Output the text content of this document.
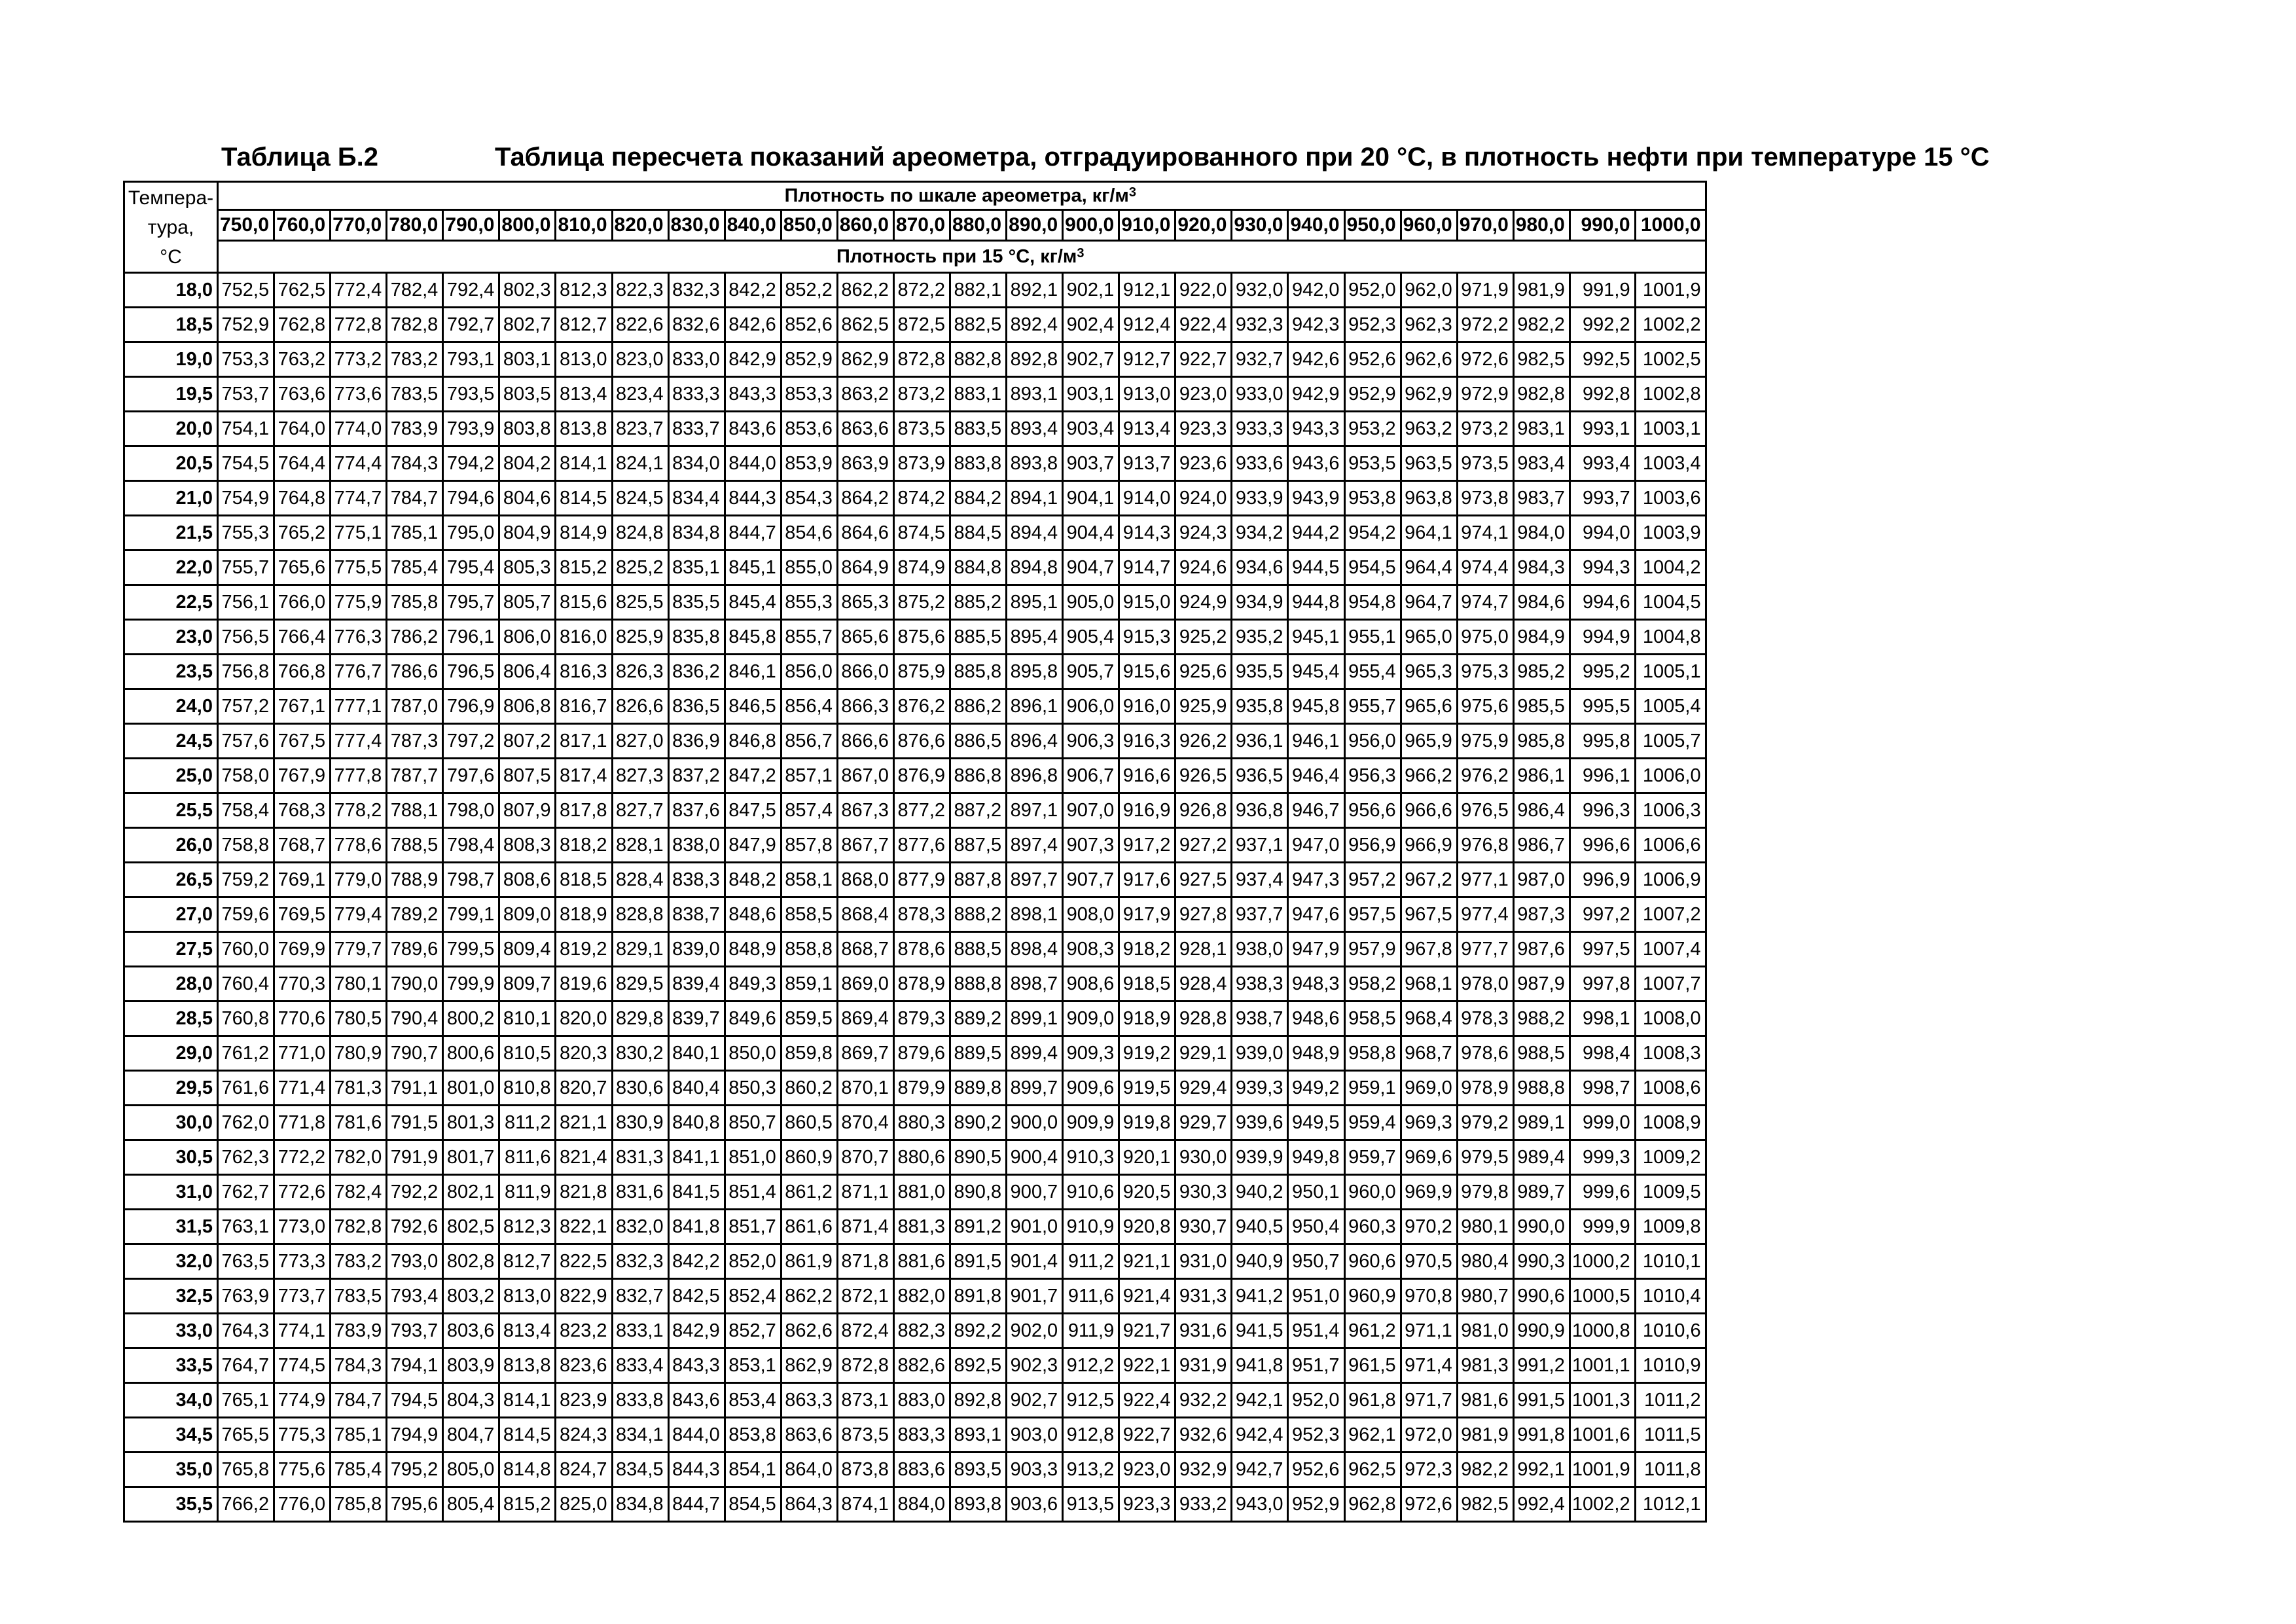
Таблица Б.2	Таблица пересчета показаний ареометра, отградуированного при 20 °С, в плотность нефти при температуре 15 °С
Темпера-
тура,
°С	Плотность по шкале ареометра, $кг/м^3$
	750,0	760,0	770,0	780,0	790,0	800,0	810,0	820,0	830,0	840,0	850,0	860,0	870,0	880,0	890,0	900,0	910,0	920,0	930,0	940,0	950,0	960,0	970,0	980,0	990,0	1000,0
	Плотность при 15 °С, $кг/м^3$
18,0	752,5	762,5	772,4	782,4	792,4	802,3	812,3	822,3	832,3	842,2	852,2	862,2	872,2	882,1	892,1	902,1	912,1	922,0	932,0	942,0	952,0	962,0	971,9	981,9	991,9	1001,9
18,5	752,9	762,8	772,8	782,8	792,7	802,7	812,7	822,6	832,6	842,6	852,6	862,5	872,5	882,5	892,4	902,4	912,4	922,4	932,3	942,3	952,3	962,3	972,2	982,2	992,2	1002,2
19,0	753,3	763,2	773,2	783,2	793,1	803,1	813,0	823,0	833,0	842,9	852,9	862,9	872,8	882,8	892,8	902,7	912,7	922,7	932,7	942,6	952,6	962,6	972,6	982,5	992,5	1002,5
19,5	753,7	763,6	773,6	783,5	793,5	803,5	813,4	823,4	833,3	843,3	853,3	863,2	873,2	883,1	893,1	903,1	913,0	923,0	933,0	942,9	952,9	962,9	972,9	982,8	992,8	1002,8
20,0	754,1	764,0	774,0	783,9	793,9	803,8	813,8	823,7	833,7	843,6	853,6	863,6	873,5	883,5	893,4	903,4	913,4	923,3	933,3	943,3	953,2	963,2	973,2	983,1	993,1	1003,1
20,5	754,5	764,4	774,4	784,3	794,2	804,2	814,1	824,1	834,0	844,0	853,9	863,9	873,9	883,8	893,8	903,7	913,7	923,6	933,6	943,6	953,5	963,5	973,5	983,4	993,4	1003,4
21,0	754,9	764,8	774,7	784,7	794,6	804,6	814,5	824,5	834,4	844,3	854,3	864,2	874,2	884,2	894,1	904,1	914,0	924,0	933,9	943,9	953,8	963,8	973,8	983,7	993,7	1003,6
21,5	755,3	765,2	775,1	785,1	795,0	804,9	814,9	824,8	834,8	844,7	854,6	864,6	874,5	884,5	894,4	904,4	914,3	924,3	934,2	944,2	954,2	964,1	974,1	984,0	994,0	1003,9
22,0	755,7	765,6	775,5	785,4	795,4	805,3	815,2	825,2	835,1	845,1	855,0	864,9	874,9	884,8	894,8	904,7	914,7	924,6	934,6	944,5	954,5	964,4	974,4	984,3	994,3	1004,2
22,5	756,1	766,0	775,9	785,8	795,7	805,7	815,6	825,5	835,5	845,4	855,3	865,3	875,2	885,2	895,1	905,0	915,0	924,9	934,9	944,8	954,8	964,7	974,7	984,6	994,6	1004,5
23,0	756,5	766,4	776,3	786,2	796,1	806,0	816,0	825,9	835,8	845,8	855,7	865,6	875,6	885,5	895,4	905,4	915,3	925,2	935,2	945,1	955,1	965,0	975,0	984,9	994,9	1004,8
23,5	756,8	766,8	776,7	786,6	796,5	806,4	816,3	826,3	836,2	846,1	856,0	866,0	875,9	885,8	895,8	905,7	915,6	925,6	935,5	945,4	955,4	965,3	975,3	985,2	995,2	1005,1
24,0	757,2	767,1	777,1	787,0	796,9	806,8	816,7	826,6	836,5	846,5	856,4	866,3	876,2	886,2	896,1	906,0	916,0	925,9	935,8	945,8	955,7	965,6	975,6	985,5	995,5	1005,4
24,5	757,6	767,5	777,4	787,3	797,2	807,2	817,1	827,0	836,9	846,8	856,7	866,6	876,6	886,5	896,4	906,3	916,3	926,2	936,1	946,1	956,0	965,9	975,9	985,8	995,8	1005,7
25,0	758,0	767,9	777,8	787,7	797,6	807,5	817,4	827,3	837,2	847,2	857,1	867,0	876,9	886,8	896,8	906,7	916,6	926,5	936,5	946,4	956,3	966,2	976,2	986,1	996,1	1006,0
25,5	758,4	768,3	778,2	788,1	798,0	807,9	817,8	827,7	837,6	847,5	857,4	867,3	877,2	887,2	897,1	907,0	916,9	926,8	936,8	946,7	956,6	966,6	976,5	986,4	996,3	1006,3
26,0	758,8	768,7	778,6	788,5	798,4	808,3	818,2	828,1	838,0	847,9	857,8	867,7	877,6	887,5	897,4	907,3	917,2	927,2	937,1	947,0	956,9	966,9	976,8	986,7	996,6	1006,6
26,5	759,2	769,1	779,0	788,9	798,7	808,6	818,5	828,4	838,3	848,2	858,1	868,0	877,9	887,8	897,7	907,7	917,6	927,5	937,4	947,3	957,2	967,2	977,1	987,0	996,9	1006,9
27,0	759,6	769,5	779,4	789,2	799,1	809,0	818,9	828,8	838,7	848,6	858,5	868,4	878,3	888,2	898,1	908,0	917,9	927,8	937,7	947,6	957,5	967,5	977,4	987,3	997,2	1007,2
27,5	760,0	769,9	779,7	789,6	799,5	809,4	819,2	829,1	839,0	848,9	858,8	868,7	878,6	888,5	898,4	908,3	918,2	928,1	938,0	947,9	957,9	967,8	977,7	987,6	997,5	1007,4
28,0	760,4	770,3	780,1	790,0	799,9	809,7	819,6	829,5	839,4	849,3	859,1	869,0	878,9	888,8	898,7	908,6	918,5	928,4	938,3	948,3	958,2	968,1	978,0	987,9	997,8	1007,7
28,5	760,8	770,6	780,5	790,4	800,2	810,1	820,0	829,8	839,7	849,6	859,5	869,4	879,3	889,2	899,1	909,0	918,9	928,8	938,7	948,6	958,5	968,4	978,3	988,2	998,1	1008,0
29,0	761,2	771,0	780,9	790,7	800,6	810,5	820,3	830,2	840,1	850,0	859,8	869,7	879,6	889,5	899,4	909,3	919,2	929,1	939,0	948,9	958,8	968,7	978,6	988,5	998,4	1008,3
29,5	761,6	771,4	781,3	791,1	801,0	810,8	820,7	830,6	840,4	850,3	860,2	870,1	879,9	889,8	899,7	909,6	919,5	929,4	939,3	949,2	959,1	969,0	978,9	988,8	998,7	1008,6
30,0	762,0	771,8	781,6	791,5	801,3	811,2	821,1	830,9	840,8	850,7	860,5	870,4	880,3	890,2	900,0	909,9	919,8	929,7	939,6	949,5	959,4	969,3	979,2	989,1	999,0	1008,9
30,5	762,3	772,2	782,0	791,9	801,7	811,6	821,4	831,3	841,1	851,0	860,9	870,7	880,6	890,5	900,4	910,3	920,1	930,0	939,9	949,8	959,7	969,6	979,5	989,4	999,3	1009,2
31,0	762,7	772,6	782,4	792,2	802,1	811,9	821,8	831,6	841,5	851,4	861,2	871,1	881,0	890,8	900,7	910,6	920,5	930,3	940,2	950,1	960,0	969,9	979,8	989,7	999,6	1009,5
31,5	763,1	773,0	782,8	792,6	802,5	812,3	822,1	832,0	841,8	851,7	861,6	871,4	881,3	891,2	901,0	910,9	920,8	930,7	940,5	950,4	960,3	970,2	980,1	990,0	999,9	1009,8
32,0	763,5	773,3	783,2	793,0	802,8	812,7	822,5	832,3	842,2	852,0	861,9	871,8	881,6	891,5	901,4	911,2	921,1	931,0	940,9	950,7	960,6	970,5	980,4	990,3	1000,2	1010,1
32,5	763,9	773,7	783,5	793,4	803,2	813,0	822,9	832,7	842,5	852,4	862,2	872,1	882,0	891,8	901,7	911,6	921,4	931,3	941,2	951,0	960,9	970,8	980,7	990,6	1000,5	1010,4
33,0	764,3	774,1	783,9	793,7	803,6	813,4	823,2	833,1	842,9	852,7	862,6	872,4	882,3	892,2	902,0	911,9	921,7	931,6	941,5	951,4	961,2	971,1	981,0	990,9	1000,8	1010,6
33,5	764,7	774,5	784,3	794,1	803,9	813,8	823,6	833,4	843,3	853,1	862,9	872,8	882,6	892,5	902,3	912,2	922,1	931,9	941,8	951,7	961,5	971,4	981,3	991,2	1001,1	1010,9
34,0	765,1	774,9	784,7	794,5	804,3	814,1	823,9	833,8	843,6	853,4	863,3	873,1	883,0	892,8	902,7	912,5	922,4	932,2	942,1	952,0	961,8	971,7	981,6	991,5	1001,3	1011,2
34,5	765,5	775,3	785,1	794,9	804,7	814,5	824,3	834,1	844,0	853,8	863,6	873,5	883,3	893,1	903,0	912,8	922,7	932,6	942,4	952,3	962,1	972,0	981,9	991,8	1001,6	1011,5
35,0	765,8	775,6	785,4	795,2	805,0	814,8	824,7	834,5	844,3	854,1	864,0	873,8	883,6	893,5	903,3	913,2	923,0	932,9	942,7	952,6	962,5	972,3	982,2	992,1	1001,9	1011,8
35,5	766,2	776,0	785,8	795,6	805,4	815,2	825,0	834,8	844,7	854,5	864,3	874,1	884,0	893,8	903,6	913,5	923,3	933,2	943,0	952,9	962,8	972,6	982,5	992,4	1002,2	1012,1
